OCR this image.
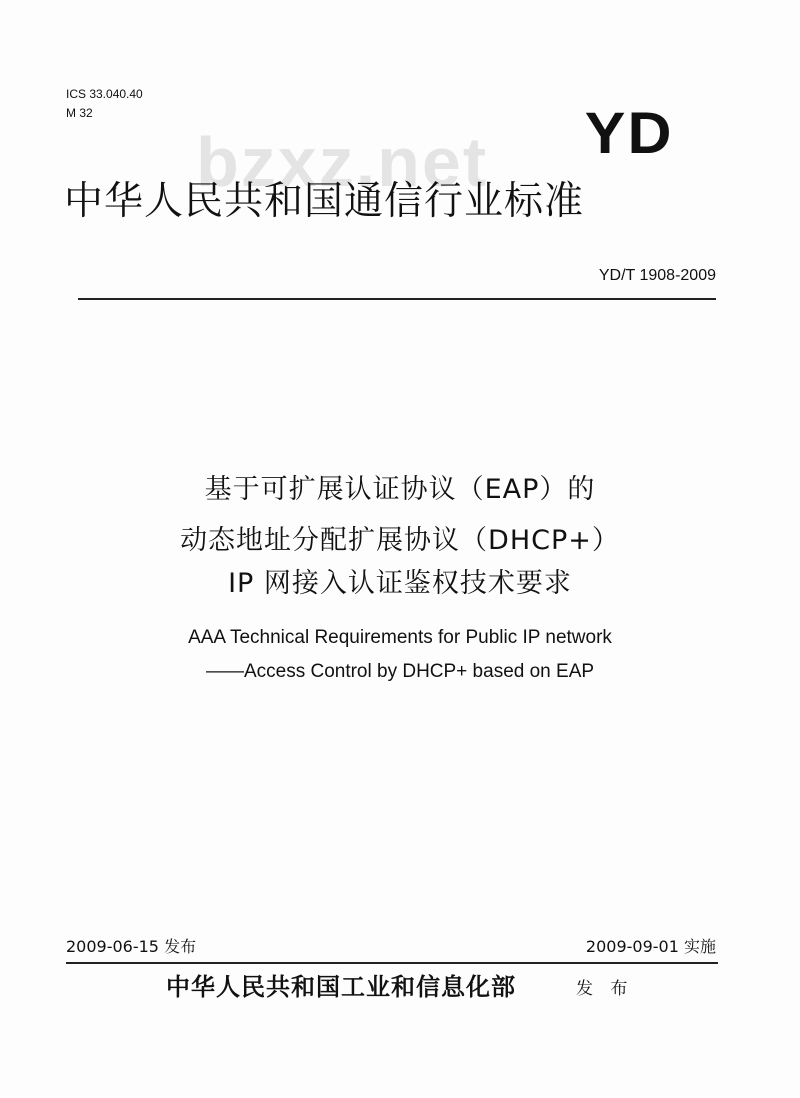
ICS 33.040.40
M 32
bzxz.net YD
中华人民共和国通信行业标准
YD/T 1908-2009
基于可扩展认证协议（EAP）的
动态地址分配扩展协议（DHCP+）
IP 网接入认证鉴权技术要求
AAA Technical Requirements for Public IP network
——Access Control by DHCP+ based on EAP
2009-06-15 发布	2009-09-01 实施
中华人民共和国工业和信息化部	发 布
